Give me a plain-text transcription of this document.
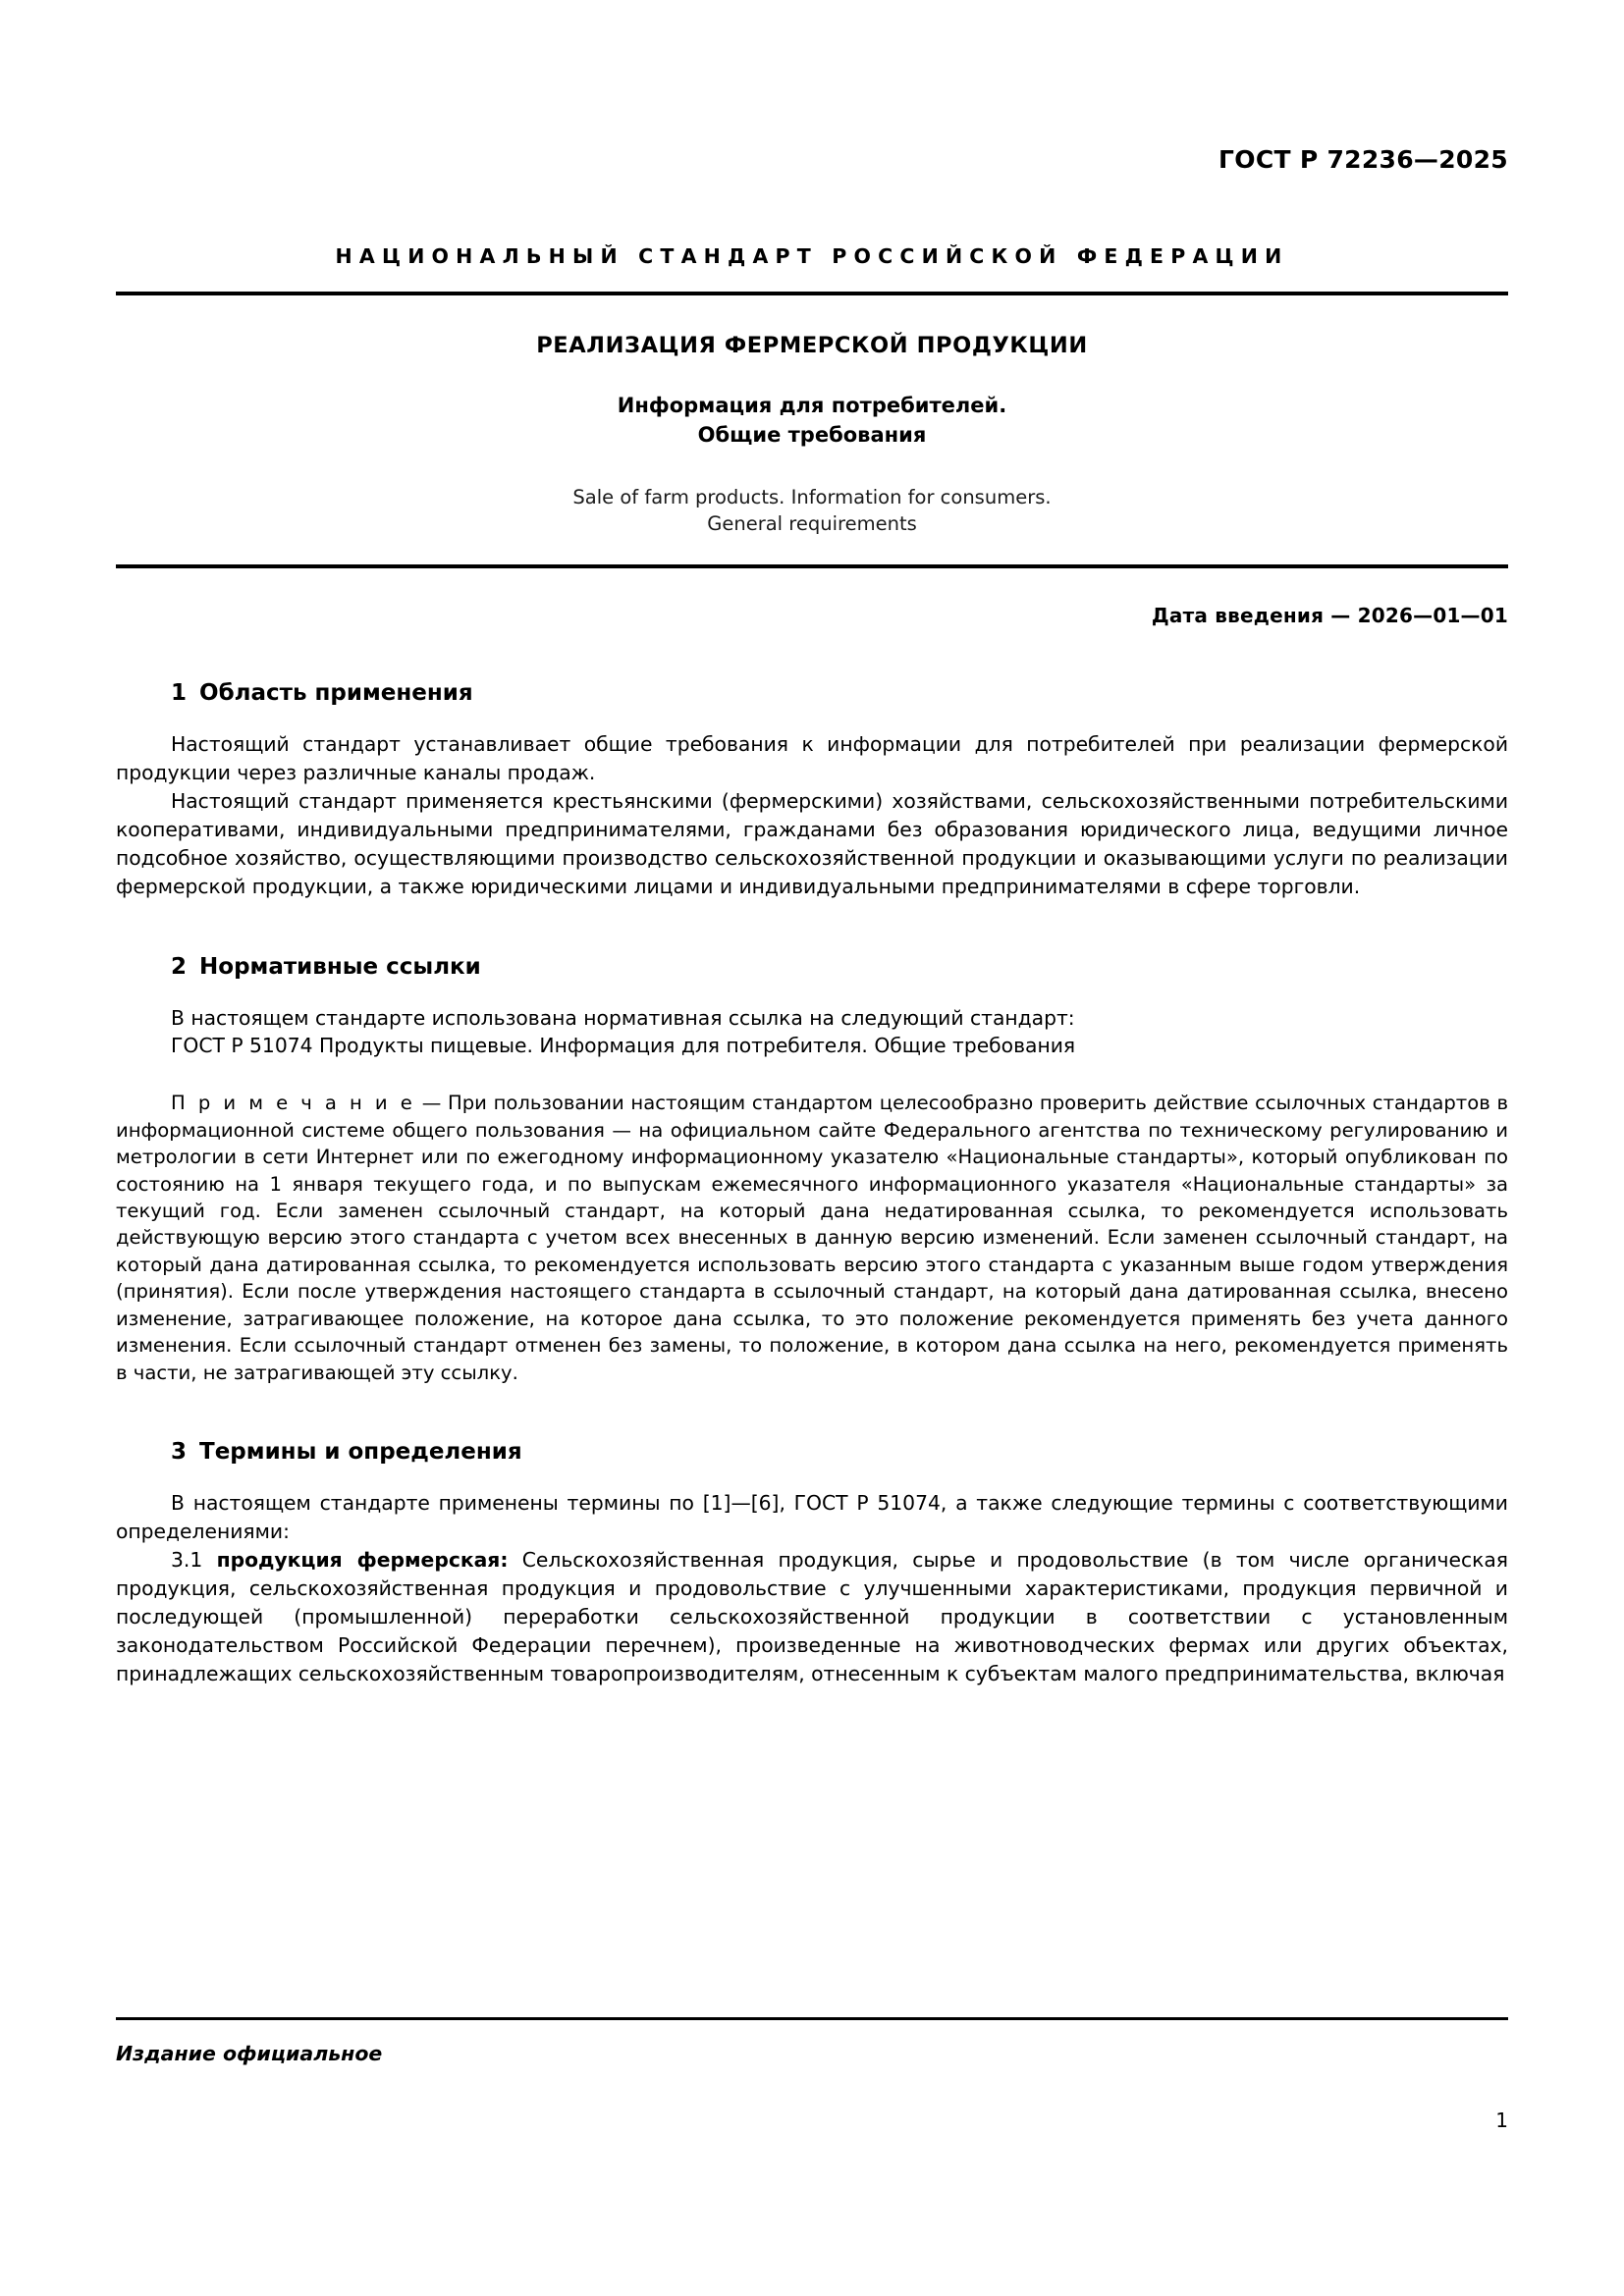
ГОСТ Р 72236—2025
НАЦИОНАЛЬНЫЙ СТАНДАРТ РОССИЙСКОЙ ФЕДЕРАЦИИ
РЕАЛИЗАЦИЯ ФЕРМЕРСКОЙ ПРОДУКЦИИ
Информация для потребителей.
Общие требования
Sale of farm products. Information for consumers.
General requirements
Дата введения — 2026—01—01
1 Область применения

Настоящий стандарт устанавливает общие требования к информации для потребителей при реализации фермерской продукции через различные каналы продаж.

Настоящий стандарт применяется крестьянскими (фермерскими) хозяйствами, сельскохозяйственными потребительскими кооперативами, индивидуальными предпринимателями, гражданами без образования юридического лица, ведущими личное подсобное хозяйство, осуществляющими производство сельскохозяйственной продукции и оказывающими услуги по реализации фермерской продукции, а также юридическими лицами и индивидуальными предпринимателями в сфере торговли.

2 Нормативные ссылки

В настоящем стандарте использована нормативная ссылка на следующий стандарт:

ГОСТ Р 51074 Продукты пищевые. Информация для потребителя. Общие требования

П р и м е ч а н и е — При пользовании настоящим стандартом целесообразно проверить действие ссылочных стандартов в информационной системе общего пользования — на официальном сайте Федерального агентства по техническому регулированию и метрологии в сети Интернет или по ежегодному информационному указателю «Национальные стандарты», который опубликован по состоянию на 1 января текущего года, и по выпускам ежемесячного информационного указателя «Национальные стандарты» за текущий год. Если заменен ссылочный стандарт, на который дана недатированная ссылка, то рекомендуется использовать действующую версию этого стандарта с учетом всех внесенных в данную версию изменений. Если заменен ссылочный стандарт, на который дана датированная ссылка, то рекомендуется использовать версию этого стандарта с указанным выше годом утверждения (принятия). Если после утверждения настоящего стандарта в ссылочный стандарт, на который дана датированная ссылка, внесено изменение, затрагивающее положение, на которое дана ссылка, то это положение рекомендуется применять без учета данного изменения. Если ссылочный стандарт отменен без замены, то положение, в котором дана ссылка на него, рекомендуется применять в части, не затрагивающей эту ссылку.

3 Термины и определения

В настоящем стандарте применены термины по [1]—[6], ГОСТ Р 51074, а также следующие термины с соответствующими определениями:

3.1 продукция фермерская: Сельскохозяйственная продукция, сырье и продовольствие (в том числе органическая продукция, сельскохозяйственная продукция и продовольствие с улучшенными характеристиками, продукция первичной и последующей (промышленной) переработки сельскохозяйственной продукции в соответствии с установленным законодательством Российской Федерации перечнем), произведенные на животноводческих фермах или других объектах, принадлежащих сельскохозяйственным товаропроизводителям, отнесенным к субъектам малого предпринимательства, включая

Издание официальное
1
